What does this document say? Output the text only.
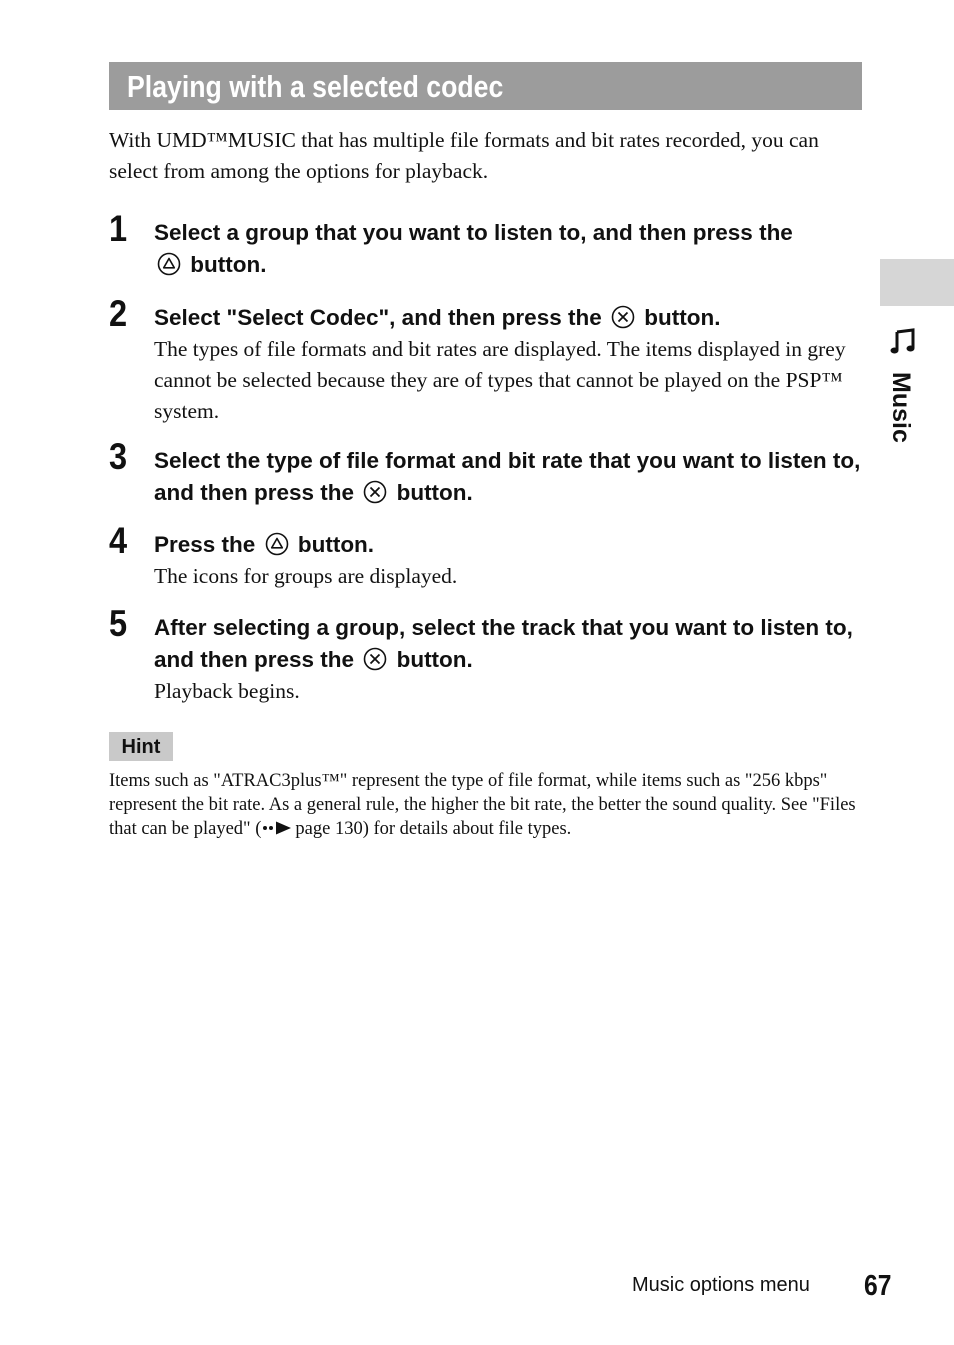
Playing with a selected codec

With UMD™MUSIC that has multiple file formats and bit rates recorded, you can select from among the options for playback.

1 Select a group that you want to listen to, and then press the
button.

2 Select "Select Codec", and then press the button.

The types of file formats and bit rates are displayed. The items displayed in grey cannot be selected because they are of types that cannot be played on the PSP™ system.

3 Select the type of file format and bit rate that you want to listen to, and then press the button.

4 Press the button.

The icons for groups are displayed.

5 After selecting a group, select the track that you want to listen to, and then press the button.

Playback begins.

Hint

Items such as "ATRAC3plus™" represent the type of file format, while items such as "256 kbps" represent the bit rate. As a general rule, the higher the bit rate, the better the sound quality. See "Files that can be played" ( page 130) for details about file types.

Music
Music options menu 67
